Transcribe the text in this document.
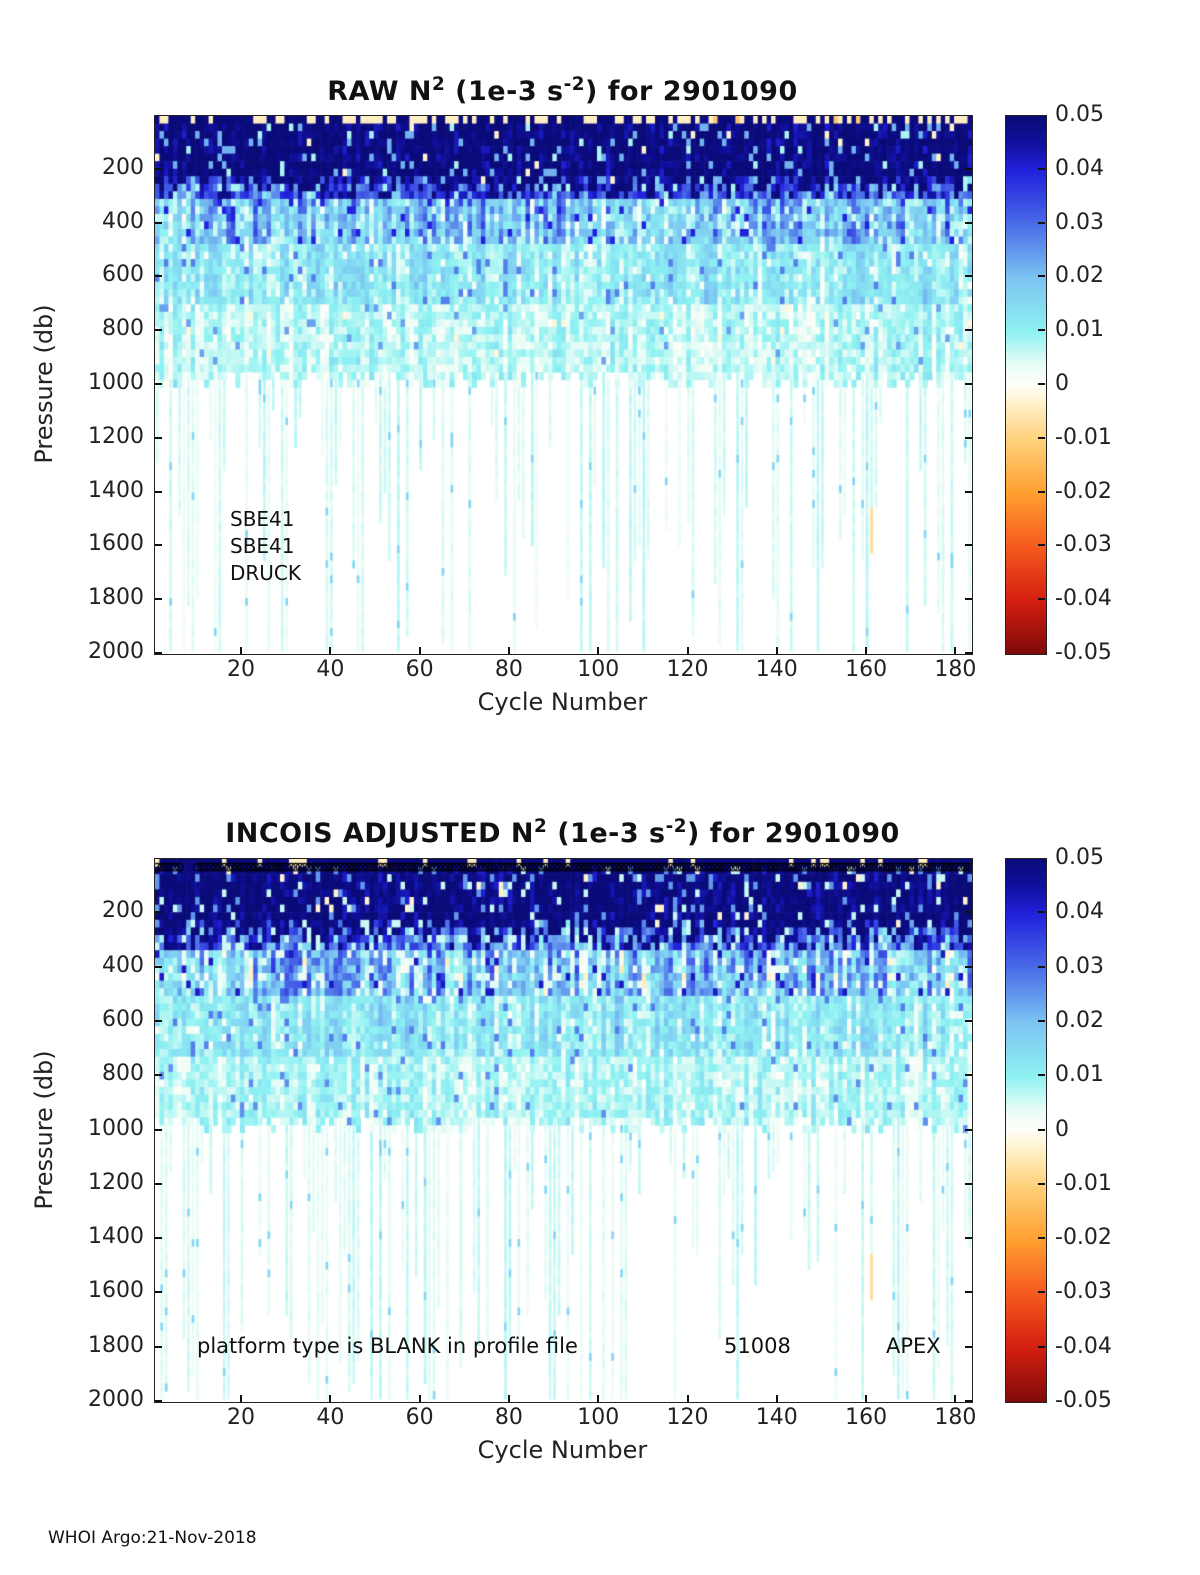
RAW $N^2$ (1e-3 $s^{-2}$) for 2901090
Pressure (db)
SBE41
SBE41
DRUCK
Cycle Number
INCOIS ADJUSTED $N^2$ (1e-3 $s^{-2}$) for 2901090
Pressure (db)
platform type is BLANK in profile file	51008	APEX
Cycle Number
WHOI Argo:21-Nov-2018
200
400
600
800
1000
1200
1400
1600
1800
2000
20	40	60	80 100 120 140 160 180
0.05
0.04
0.03
0.02
0.01
0
-0.01
-0.02
-0.03
-0.04
-0.05
200
400
600
800
1000
1200
1400
1600
1800
2000
20	40	60	80 100 120 140 160 180
0.05
0.04
0.03
0.02
0.01
0
-0.01
-0.02
-0.03
-0.04
-0.05
